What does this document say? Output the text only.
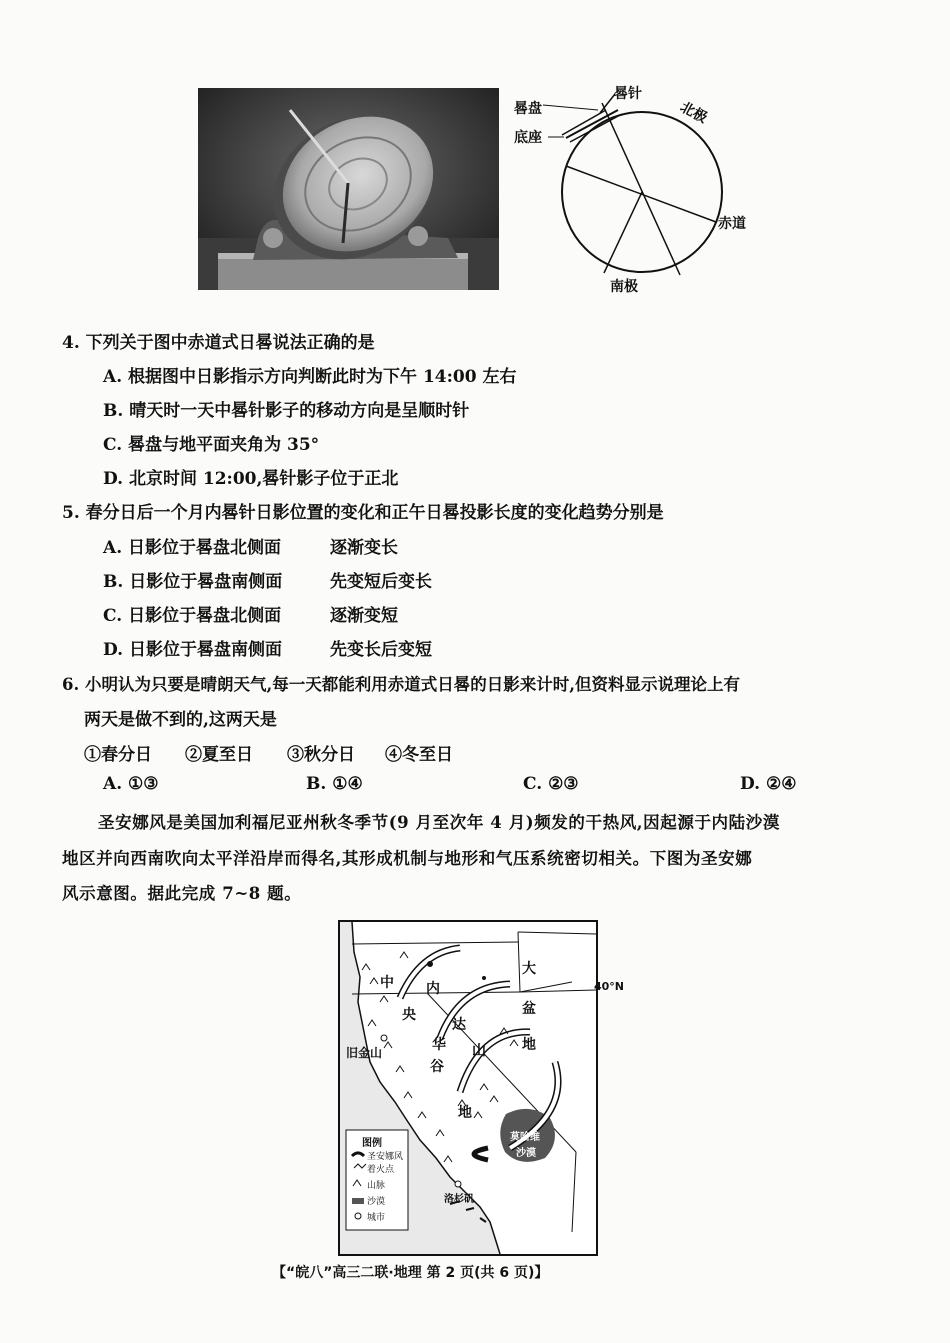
晷针
晷盘
底座
北极
赤道
南极
4. 下列关于图中赤道式日晷说法正确的是
A. 根据图中日影指示方向判断此时为下午 14:00 左右
B. 晴天时一天中晷针影子的移动方向是呈顺时针
C. 晷盘与地平面夹角为 35°
D. 北京时间 12:00,晷针影子位于正北
5. 春分日后一个月内晷针日影位置的变化和正午日晷投影长度的变化趋势分别是
A. 日影位于晷盘北侧面	逐渐变长
B. 日影位于晷盘南侧面	先变短后变长
C. 日影位于晷盘北侧面	逐渐变短
D. 日影位于晷盘南侧面	先变长后变短
6. 小明认为只要是晴朗天气,每一天都能利用赤道式日晷的日影来计时,但资料显示说理论上有
两天是做不到的,这两天是
①春分日 ②夏至日 ③秋分日 ④冬至日
A. ①③	B. ①④	C. ②③	D. ②④
圣安娜风是美国加利福尼亚州秋冬季节(9 月至次年 4 月)频发的干热风,因起源于内陆沙漠
地区并向西南吹向太平洋沿岸而得名,其形成机制与地形和气压系统密切相关。下图为圣安娜
风示意图。据此完成 7~8 题。
图例
圣安娜风
着火点
山脉
沙漠
城市
大
盆
地
中
央
谷
地
内
华
达
山
旧金山
洛杉矶
莫哈维
沙漠
40°N
【“皖八”高三二联·地理 第 2 页(共 6 页)】
